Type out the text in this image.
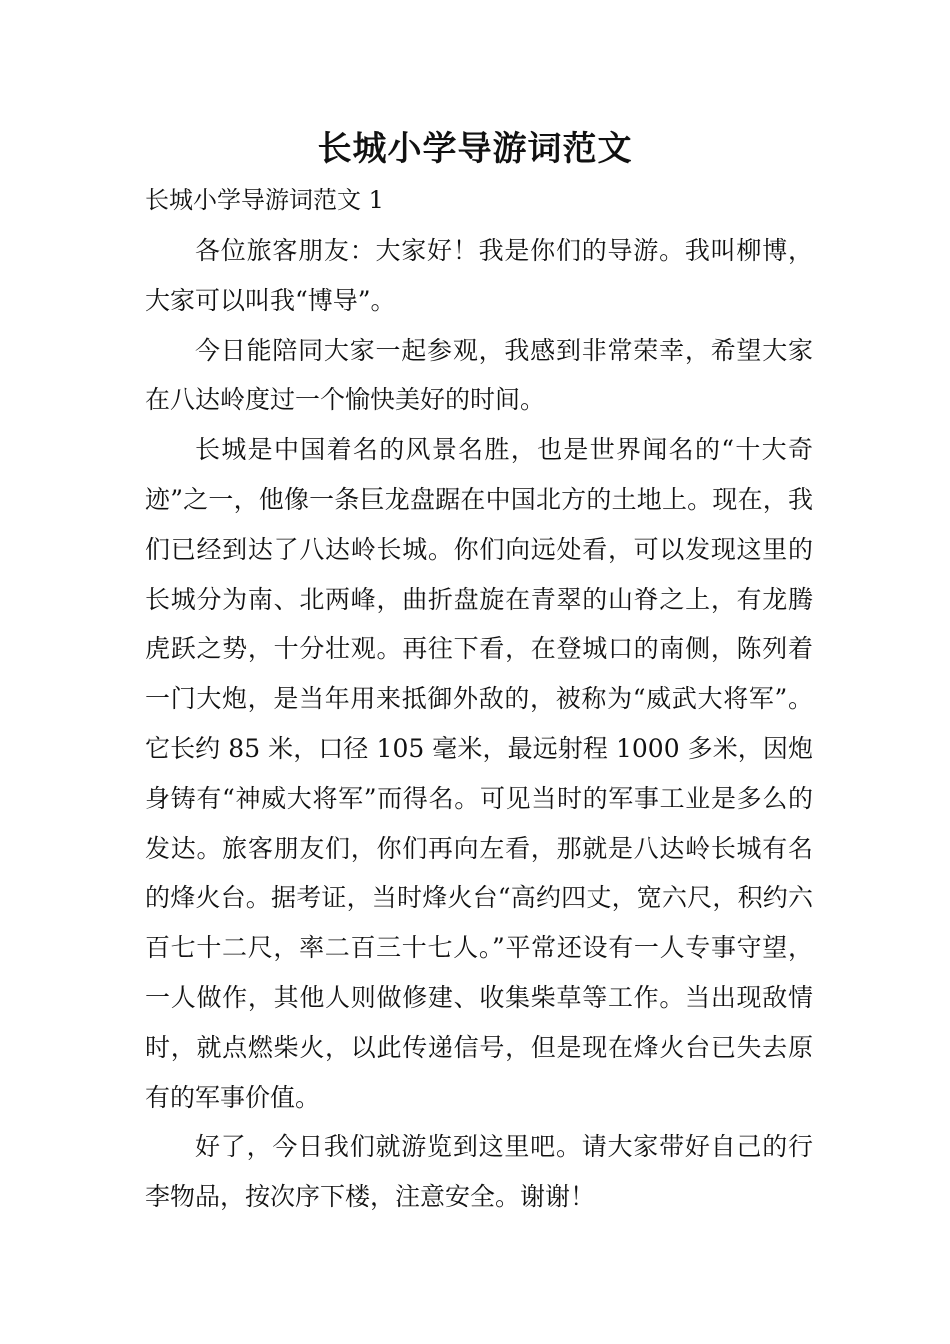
长城小学导游词范文
长城小学导游词范文 1

各位旅客朋友：大家好！我是你们的导游。我叫柳博，大家可以叫我“博导”。

今日能陪同大家一起参观，我感到非常荣幸，希望大家在八达岭度过一个愉快美好的时间。

长城是中国着名的风景名胜，也是世界闻名的“十大奇迹”之一，他像一条巨龙盘踞在中国北方的土地上。现在，我们已经到达了八达岭长城。你们向远处看，可以发现这里的长城分为南、北两峰，曲折盘旋在青翠的山脊之上，有龙腾虎跃之势，十分壮观。再往下看，在登城口的南侧，陈列着一门大炮，是当年用来抵御外敌的，被称为“威武大将军”。它长约 85 米，口径 105 毫米，最远射程 1000 多米，因炮身铸有“神威大将军”而得名。可见当时的军事工业是多么的发达。旅客朋友们，你们再向左看，那就是八达岭长城有名的烽火台。据考证，当时烽火台“高约四丈，宽六尺，积约六百七十二尺，率二百三十七人。”平常还设有一人专事守望，一人做作，其他人则做修建、收集柴草等工作。当出现敌情时，就点燃柴火，以此传递信号，但是现在烽火台已失去原有的军事价值。

好了，今日我们就游览到这里吧。请大家带好自己的行李物品，按次序下楼，注意安全。谢谢！
